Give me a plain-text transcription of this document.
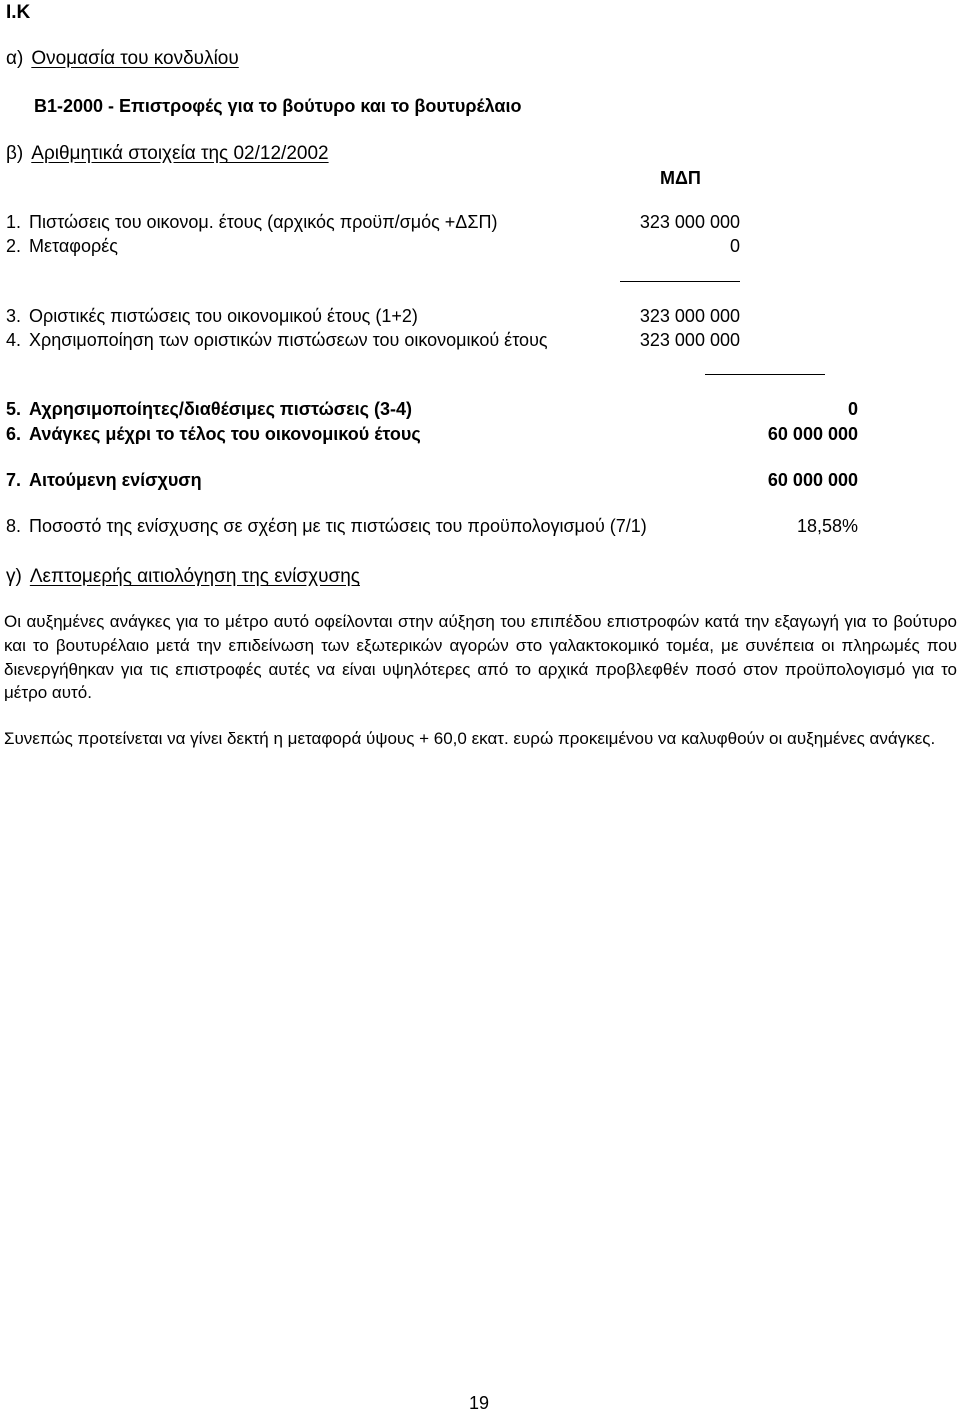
I.K
α) Ονομασία του κονδυλίου
B1-2000 - Επιστροφές για το βούτυρο και το βουτυρέλαιο
β) Αριθμητικά στοιχεία της 02/12/2002
ΜΔΠ
1. Πιστώσεις του οικονομ. έτους (αρχικός προϋπ/σμός +ΔΣΠ)	323 000 000
2. Μεταφορές	0
3. Οριστικές πιστώσεις του οικονομικού έτους (1+2)	323 000 000
4. Χρησιμοποίηση των οριστικών πιστώσεων του οικονομικού έτους	323 000 000
5. Αχρησιμοποίητες/διαθέσιμες πιστώσεις (3-4)	0
6. Ανάγκες μέχρι το τέλος του οικονομικού έτους	60 000 000
7. Αιτούμενη ενίσχυση	60 000 000
8. Ποσοστό της ενίσχυσης σε σχέση με τις πιστώσεις του προϋπολογισμού (7/1)	18,58%
γ) Λεπτομερής αιτιολόγηση της ενίσχυσης
Οι αυξημένες ανάγκες για το μέτρο αυτό οφείλονται στην αύξηση του επιπέδου επιστροφών κατά την εξαγωγή για το βούτυρο και το βουτυρέλαιο μετά την επιδείνωση των εξωτερικών αγορών στο γαλακτοκομικό τομέα, με συνέπεια οι πληρωμές που διενεργήθηκαν για τις επιστροφές αυτές να είναι υψηλότερες από το αρχικά προβλεφθέν ποσό στον προϋπολογισμό για το μέτρο αυτό.
Συνεπώς προτείνεται να γίνει δεκτή η μεταφορά ύψους + 60,0 εκατ. ευρώ προκειμένου να καλυφθούν οι αυξημένες ανάγκες.
19
